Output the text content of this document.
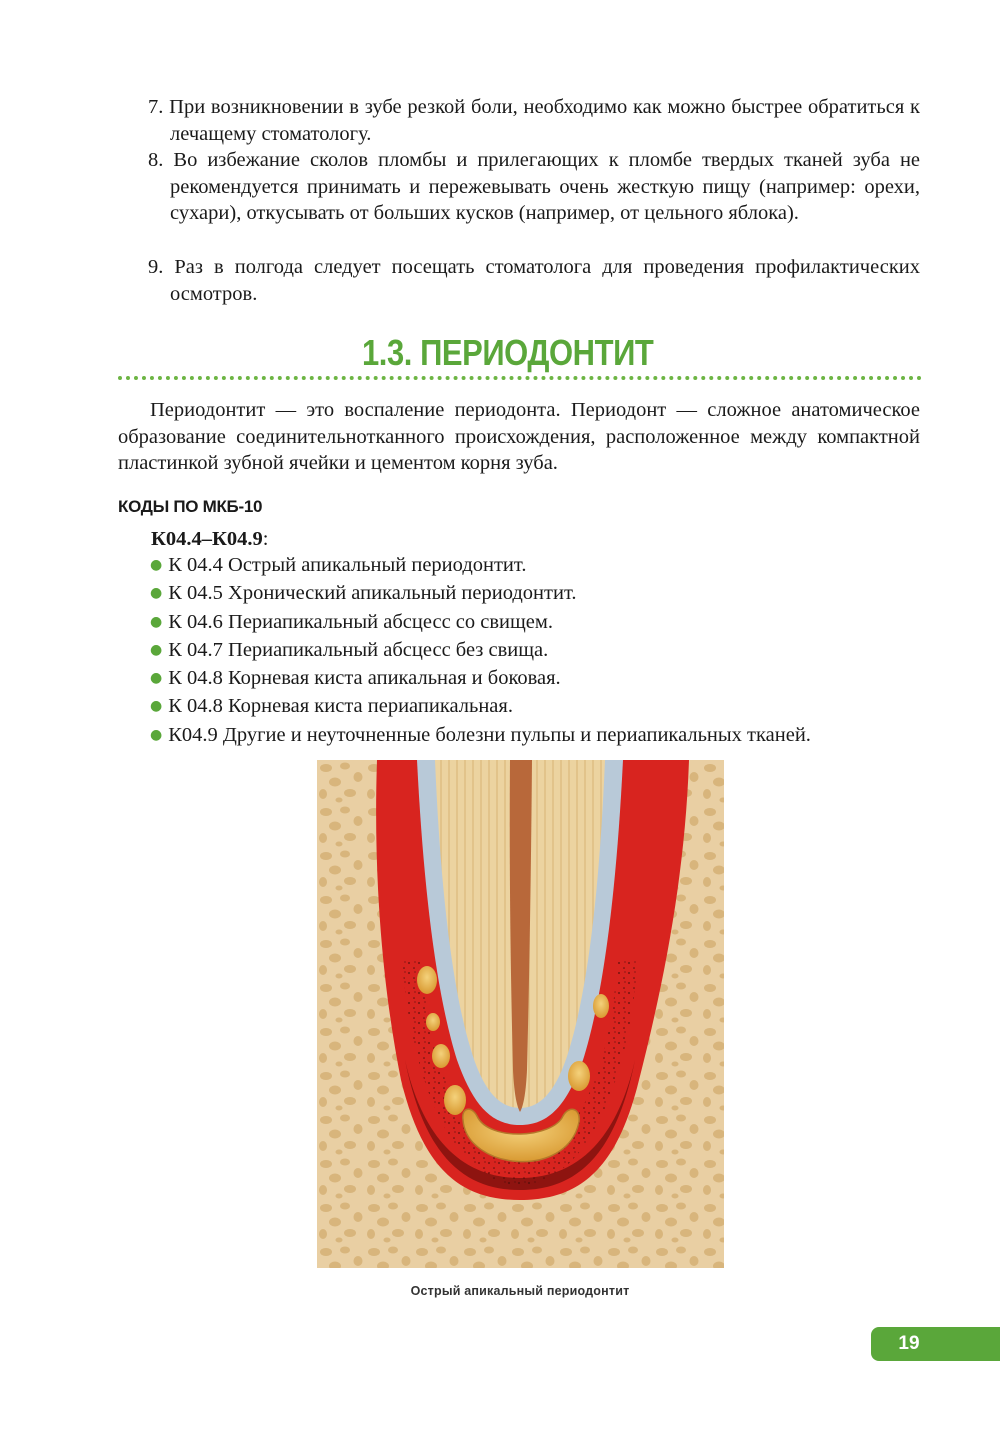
7. При возникновении в зубе резкой боли, необходимо как можно быстрее обратиться к лечащему стоматологу.
8. Во избежание сколов пломбы и прилегающих к пломбе твердых тканей зуба не рекомендуется принимать и пережевывать очень жесткую пищу (например: орехи, сухари), откусывать от больших кусков (например, от цельного яблока).
9. Раз в полгода следует посещать стоматолога для проведения профилактических осмотров.
1.3. ПЕРИОДОНТИТ
Периодонтит — это воспаление периодонта. Периодонт — сложное анатомическое образование соединительнотканного происхождения, расположенное между компактной пластинкой зубной ячейки и цементом корня зуба.
КОДЫ ПО МКБ-10
К04.4–К04.9:
● К 04.4 Острый апикальный периодонтит.
● К 04.5 Хронический апикальный периодонтит.
● К 04.6 Периапикальный абсцесс со свищем.
● К 04.7 Периапикальный абсцесс без свища.
● К 04.8 Корневая киста апикальная и боковая.
● К 04.8 Корневая киста периапикальная.
● К04.9 Другие и неуточненные болезни пульпы и периапикальных тканей.
Острый апикальный периодонтит
19
